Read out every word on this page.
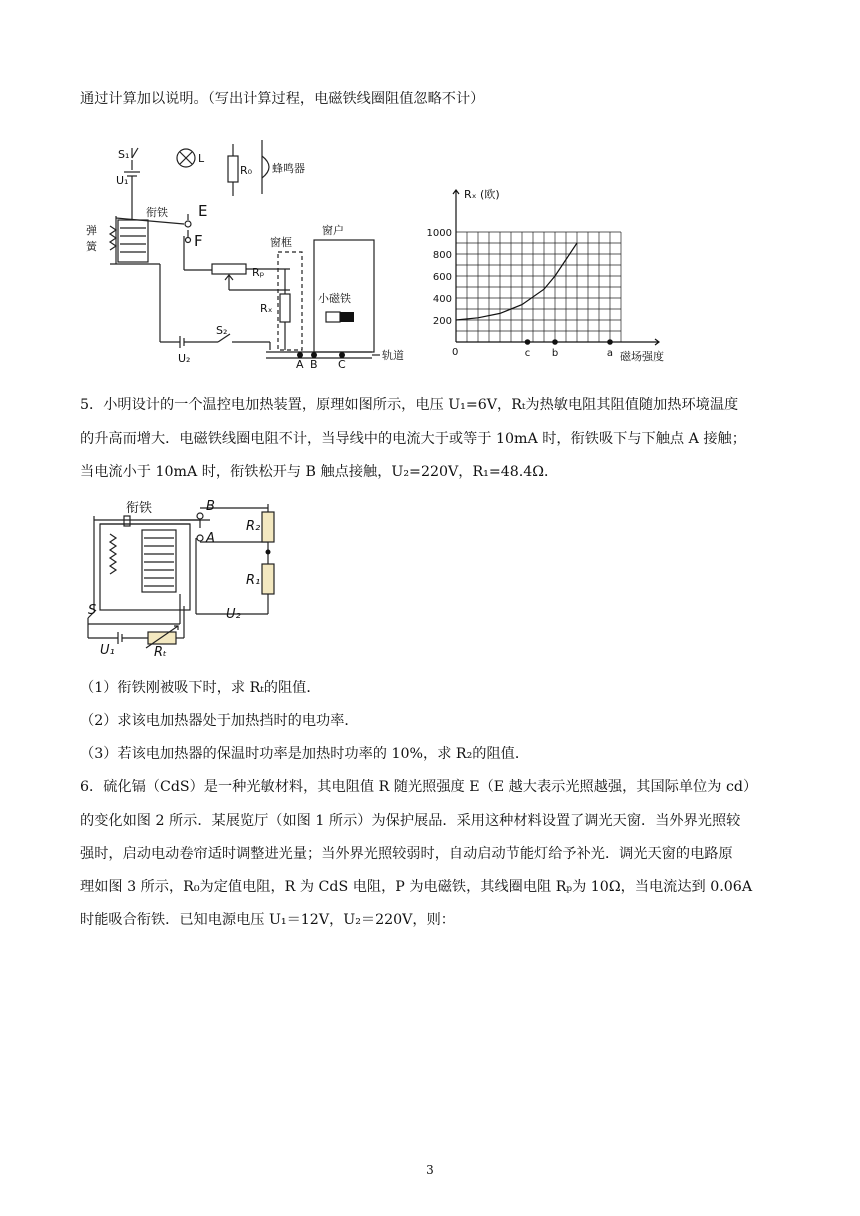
通过计算加以说明。（写出计算过程，电磁铁线圈阻值忽略不计）
S₁
U₁
L
R₀ 蜂鸣器
衔铁 E
F
弹
簧
Rₚ
Rₓ
窗框
窗户
小磁铁
S₂
U₂	A B C
轨道
200
400
600
800
1000
c b	a
Rₓ (欧)
磁场强度
0
5．小明设计的一个温控电加热装置，原理如图所示，电压 U₁=6V，Rₜ为热敏电阻其阻值随加热环境温度
的升高而增大．电磁铁线圈电阻不计，当导线中的电流大于或等于 10mA 时，衔铁吸下与下触点 A 接触；
当电流小于 10mA 时，衔铁松开与 B 触点接触，U₂=220V，R₁=48.4Ω．
衔铁	B
A
R₂
R₁
S
U₁	Rₜ
U₂
（1）衔铁刚被吸下时，求 Rₜ的阻值．
（2）求该电加热器处于加热挡时的电功率．
（3）若该电加热器的保温时功率是加热时功率的 10%，求 R₂的阻值．
6．硫化镉（CdS）是一种光敏材料，其电阻值 R 随光照强度 E（E 越大表示光照越强，其国际单位为 cd）
的变化如图 2 所示．某展览厅（如图 1 所示）为保护展品．采用这种材料设置了调光天窗．当外界光照较
强时，启动电动卷帘适时调整进光量；当外界光照较弱时，自动启动节能灯给予补光．调光天窗的电路原
理如图 3 所示，R₀为定值电阻，R 为 CdS 电阻，P 为电磁铁，其线圈电阻 Rₚ为 10Ω，当电流达到 0.06A
时能吸合衔铁．已知电源电压 U₁＝12V，U₂＝220V，则：
3
